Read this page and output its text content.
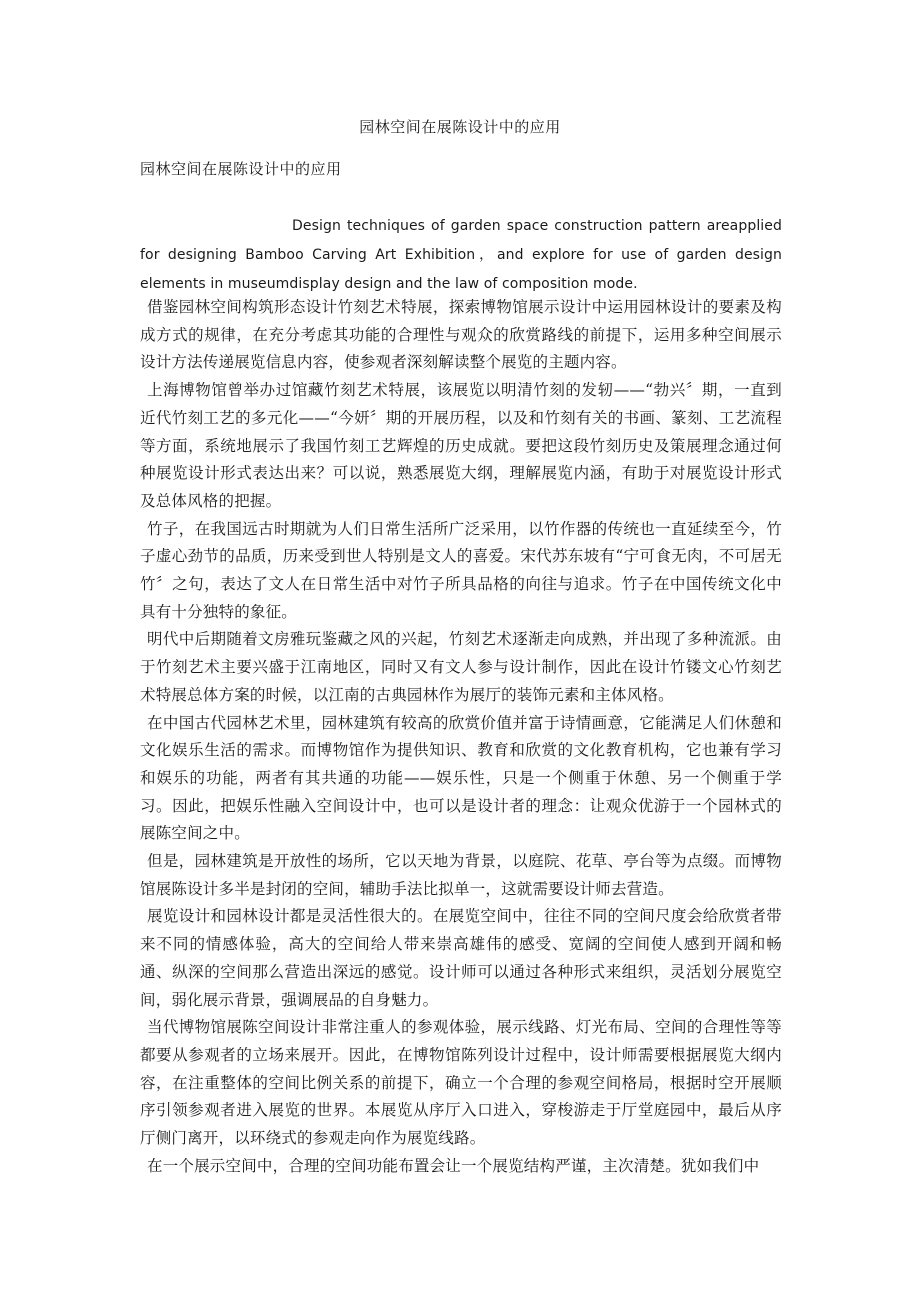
园林空间在展陈设计中的应用
园林空间在展陈设计中的应用
Design techniques of garden space construction pattern areapplied for designing Bamboo Carving Art Exhibition，and explore for use of garden design elements in museumdisplay design and the law of composition mode.

借鉴园林空间构筑形态设计竹刻艺术特展，探索博物馆展示设计中运用园林设计的要素及构成方式的规律，在充分考虑其功能的合理性与观众的欣赏路线的前提下，运用多种空间展示设计方法传递展览信息内容，使参观者深刻解读整个展览的主题内容。

上海博物馆曾举办过馆藏竹刻艺术特展，该展览以明清竹刻的发轫——“勃兴〞期，一直到近代竹刻工艺的多元化——“今妍〞期的开展历程，以及和竹刻有关的书画、篆刻、工艺流程等方面，系统地展示了我国竹刻工艺辉煌的历史成就。要把这段竹刻历史及策展理念通过何种展览设计形式表达出来？可以说，熟悉展览大纲，理解展览内涵，有助于对展览设计形式及总体风格的把握。

竹子，在我国远古时期就为人们日常生活所广泛采用，以竹作器的传统也一直延续至今，竹子虚心劲节的品质，历来受到世人特别是文人的喜爱。宋代苏东坡有“宁可食无肉，不可居无竹〞之句，表达了文人在日常生活中对竹子所具品格的向往与追求。竹子在中国传统文化中具有十分独特的象征。

明代中后期随着文房雅玩鉴藏之风的兴起，竹刻艺术逐渐走向成熟，并出现了多种流派。由于竹刻艺术主要兴盛于江南地区，同时又有文人参与设计制作，因此在设计竹镂文心竹刻艺术特展总体方案的时候，以江南的古典园林作为展厅的装饰元素和主体风格。

在中国古代园林艺术里，园林建筑有较高的欣赏价值并富于诗情画意，它能满足人们休憩和文化娱乐生活的需求。而博物馆作为提供知识、教育和欣赏的文化教育机构，它也兼有学习和娱乐的功能，两者有其共通的功能——娱乐性，只是一个侧重于休憩、另一个侧重于学习。因此，把娱乐性融入空间设计中，也可以是设计者的理念：让观众优游于一个园林式的展陈空间之中。

但是，园林建筑是开放性的场所，它以天地为背景，以庭院、花草、亭台等为点缀。而博物馆展陈设计多半是封闭的空间，辅助手法比拟单一，这就需要设计师去营造。

展览设计和园林设计都是灵活性很大的。在展览空间中，往往不同的空间尺度会给欣赏者带来不同的情感体验，高大的空间给人带来崇高雄伟的感受、宽阔的空间使人感到开阔和畅通、纵深的空间那么营造出深远的感觉。设计师可以通过各种形式来组织，灵活划分展览空间，弱化展示背景，强调展品的自身魅力。

当代博物馆展陈空间设计非常注重人的参观体验，展示线路、灯光布局、空间的合理性等等都要从参观者的立场来展开。因此，在博物馆陈列设计过程中，设计师需要根据展览大纲内容，在注重整体的空间比例关系的前提下，确立一个合理的参观空间格局，根据时空开展顺序引领参观者进入展览的世界。本展览从序厅入口进入，穿梭游走于厅堂庭园中，最后从序厅侧门离开，以环绕式的参观走向作为展览线路。

在一个展示空间中，合理的空间功能布置会让一个展览结构严谨，主次清楚。犹如我们中
